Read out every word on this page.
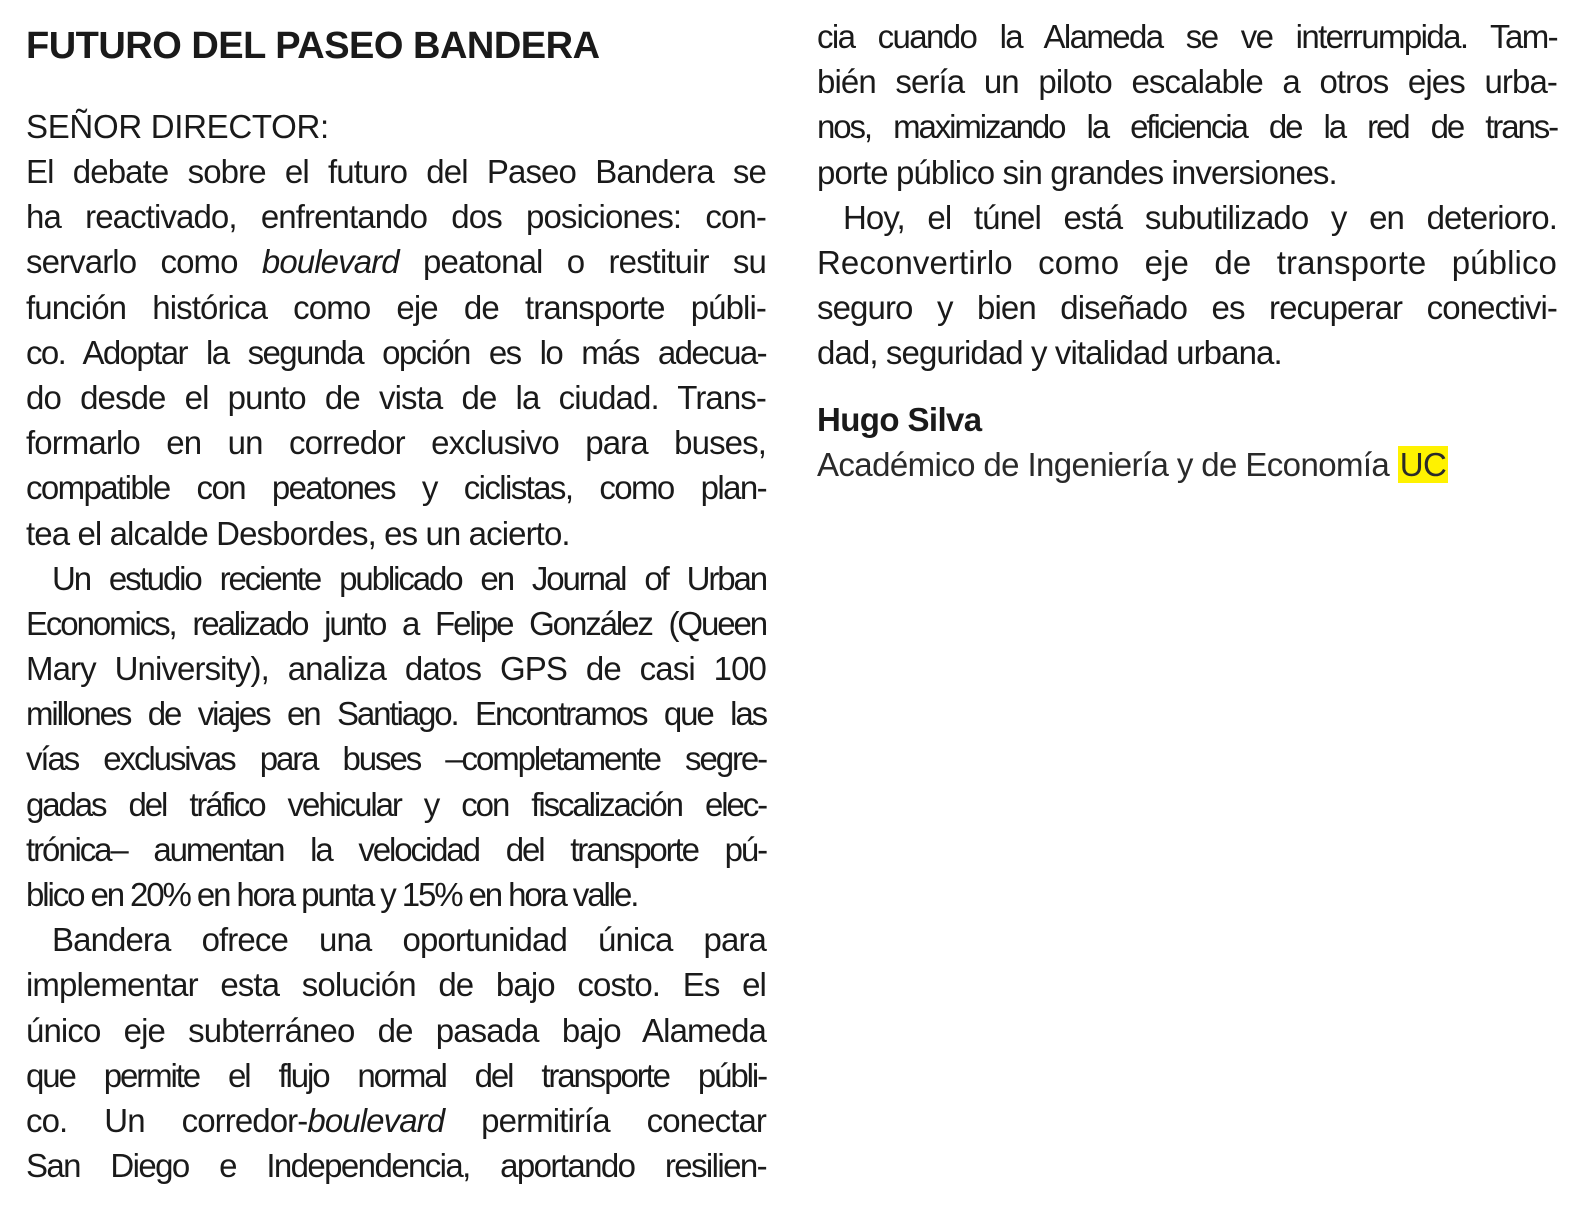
FUTURO DEL PASEO BANDERA
SEÑOR DIRECTOR:
El debate sobre el futuro del Paseo Bandera se
ha reactivado, enfrentando dos posiciones: con-
servarlo como boulevard peatonal o restituir su
función histórica como eje de transporte públi-
co. Adoptar la segunda opción es lo más adecua-
do desde el punto de vista de la ciudad. Trans-
formarlo en un corredor exclusivo para buses,
compatible con peatones y ciclistas, como plan-
tea el alcalde Desbordes, es un acierto.
Un estudio reciente publicado en Journal of Urban
Economics, realizado junto a Felipe González (Queen
Mary University), analiza datos GPS de casi 100
millones de viajes en Santiago. Encontramos que las
vías exclusivas para buses –completamente segre-
gadas del tráfico vehicular y con fiscalización elec-
trónica– aumentan la velocidad del transporte pú-
blico en 20% en hora punta y 15% en hora valle.
Bandera ofrece una oportunidad única para
implementar esta solución de bajo costo. Es el
único eje subterráneo de pasada bajo Alameda
que permite el flujo normal del transporte públi-
co. Un corredor-boulevard permitiría conectar
San Diego e Independencia, aportando resilien-
cia cuando la Alameda se ve interrumpida. Tam-
bién sería un piloto escalable a otros ejes urba-
nos, maximizando la eficiencia de la red de trans-
porte público sin grandes inversiones.
Hoy, el túnel está subutilizado y en deterioro.
Reconvertirlo como eje de transporte público
seguro y bien diseñado es recuperar conectivi-
dad, seguridad y vitalidad urbana.
Hugo Silva
Académico de Ingeniería y de Economía UC
